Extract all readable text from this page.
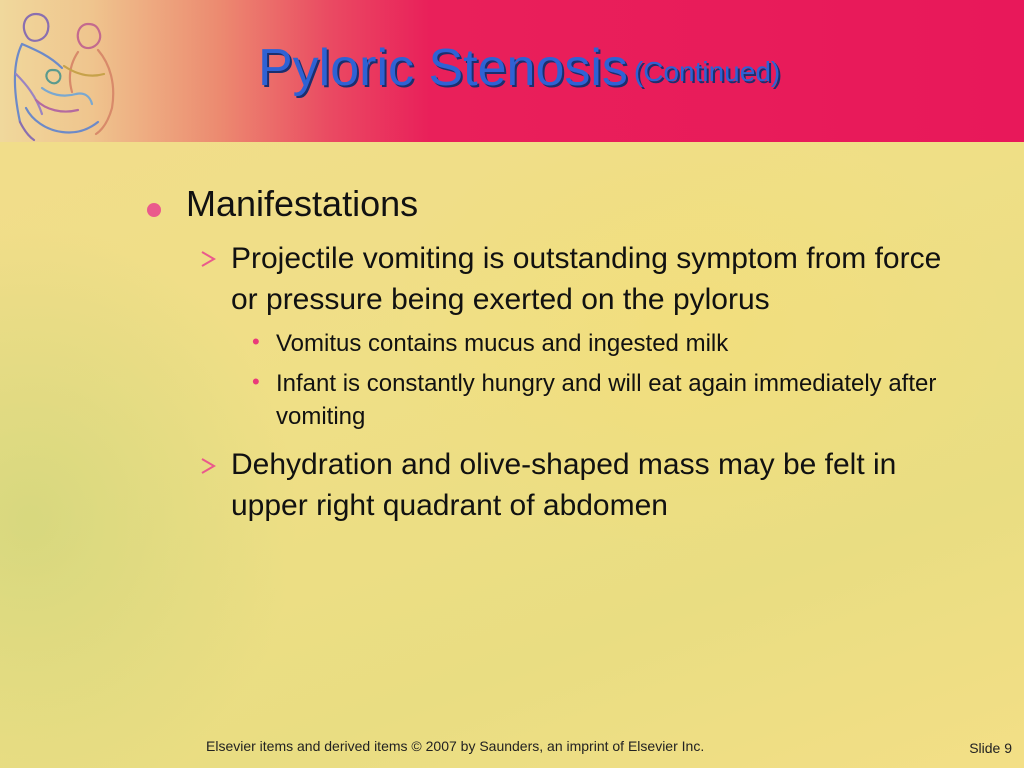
Pyloric Stenosis (Continued)
Manifestations
Projectile vomiting is outstanding symptom from force or pressure being exerted on the pylorus
• Vomitus contains mucus and ingested milk
• Infant is constantly hungry and will eat again immediately after vomiting
Dehydration and olive-shaped mass may be felt in upper right quadrant of abdomen
Elsevier items and derived items © 2007 by Saunders, an imprint of Elsevier Inc.	Slide 9
